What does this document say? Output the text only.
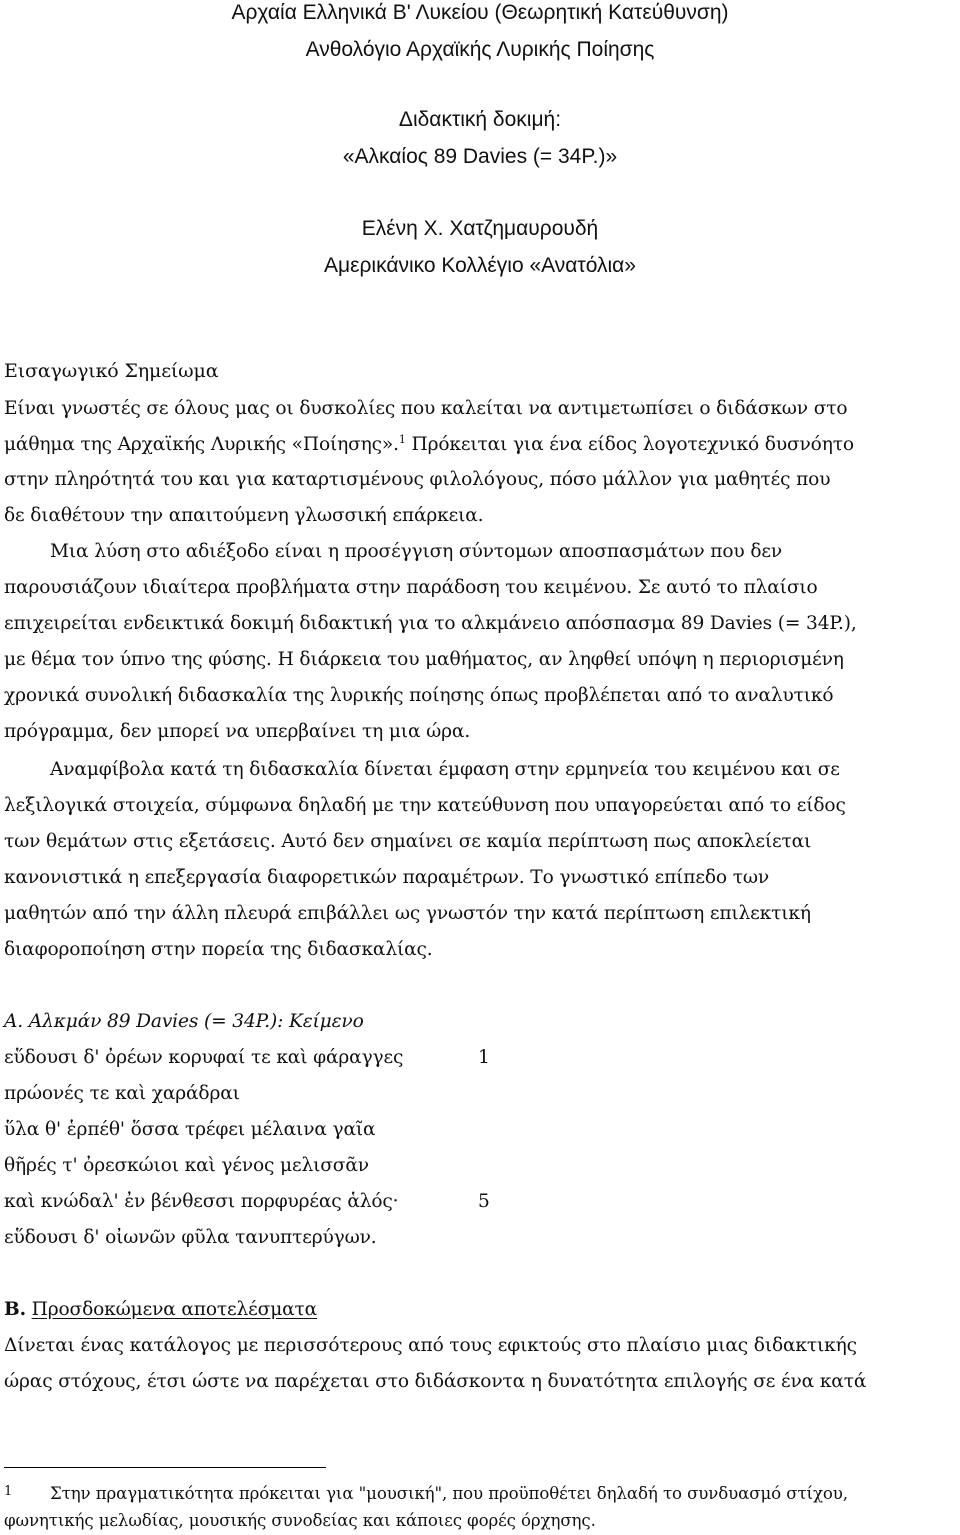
Αρχαία Ελληνικά Β' Λυκείου (Θεωρητική Κατεύθυνση)
Ανθολόγιο Αρχαϊκής Λυρικής Ποίησης
Διδακτική δοκιμή:
«Αλκαίος 89 Davies (= 34P.)»
Ελένη Χ. Χατζημαυρουδή
Αμερικάνικο Κολλέγιο «Ανατόλια»
Εισαγωγικό Σημείωμα
Είναι γνωστές σε όλους μας οι δυσκολίες που καλείται να αντιμετωπίσει ο διδάσκων στο
μάθημα της Αρχαϊκής Λυρικής «Ποίησης».$^1$ Πρόκειται για ένα είδος λογοτεχνικό δυσνόητο
στην πληρότητά του και για καταρτισμένους φιλολόγους, πόσο μάλλον για μαθητές που
δε διαθέτουν την απαιτούμενη γλωσσική επάρκεια.
Μια λύση στο αδιέξοδο είναι η προσέγγιση σύντομων αποσπασμάτων που δεν
παρουσιάζουν ιδιαίτερα προβλήματα στην παράδοση του κειμένου. Σε αυτό το πλαίσιο
επιχειρείται ενδεικτικά δοκιμή διδακτική για το αλκμάνειο απόσπασμα 89 Davies (= 34P.),
με θέμα τον ύπνο της φύσης. Η διάρκεια του μαθήματος, αν ληφθεί υπόψη η περιορισμένη
χρονικά συνολική διδασκαλία της λυρικής ποίησης όπως προβλέπεται από το αναλυτικό
πρόγραμμα, δεν μπορεί να υπερβαίνει τη μια ώρα.
Αναμφίβολα κατά τη διδασκαλία δίνεται έμφαση στην ερμηνεία του κειμένου και σε
λεξιλογικά στοιχεία, σύμφωνα δηλαδή με την κατεύθυνση που υπαγορεύεται από το είδος
των θεμάτων στις εξετάσεις. Αυτό δεν σημαίνει σε καμία περίπτωση πως αποκλείεται
κανονιστικά η επεξεργασία διαφορετικών παραμέτρων. Το γνωστικό επίπεδο των
μαθητών από την άλλη πλευρά επιβάλλει ως γνωστόν την κατά περίπτωση επιλεκτική
διαφοροποίηση στην πορεία της διδασκαλίας.
Α. Αλκμάν 89 Davies (= 34P.): Κείμενο
εὕδουσι δ' ὀρέων κορυφαί τε καὶ φάραγγες	1
πρώονές τε καὶ χαράδραι
ὕλα θ' ἑρπέθ' ὅσσα τρέφει μέλαινα γαῖα
θῆρές τ' ὀρεσκώιοι καὶ γένος μελισσᾶν
καὶ κνώδαλ' ἐν βένθεσσι πορφυρέας ἁλός·	5
εὕδουσι δ' οἰωνῶν φῦλα τανυπτερύγων.
Β. Προσδοκώμενα αποτελέσματα
Δίνεται ένας κατάλογος με περισσότερους από τους εφικτούς στο πλαίσιο μιας διδακτικής
ώρας στόχους, έτσι ώστε να παρέχεται στο διδάσκοντα η δυνατότητα επιλογής σε ένα κατά
1 Στην πραγματικότητα πρόκειται για "μουσική", που προϋποθέτει δηλαδή το συνδυασμό στίχου,
φωνητικής μελωδίας, μουσικής συνοδείας και κάποιες φορές όρχησης.
